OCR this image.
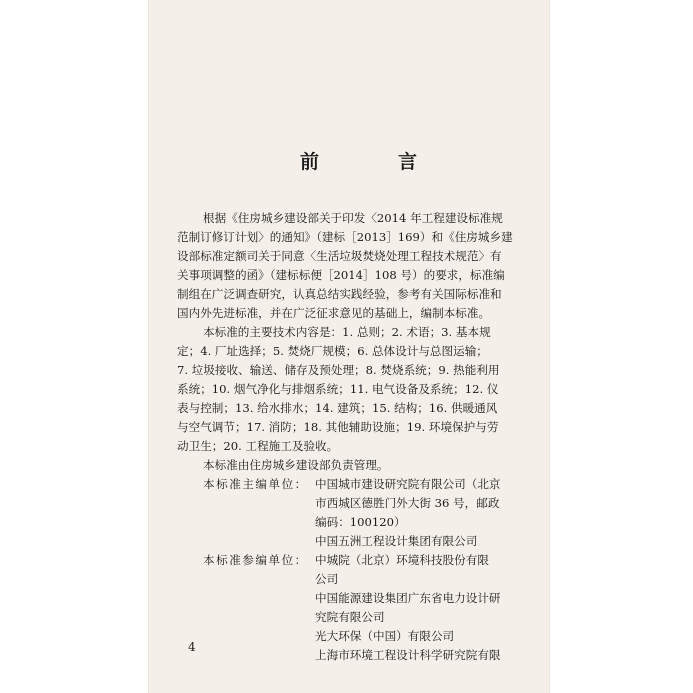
前　言

根据《住房城乡建设部关于印发〈2014 年工程建设标准规

范制订修订计划〉的通知》（建标［2013］169）和《住房城乡建

设部标准定额司关于同意〈生活垃圾焚烧处理工程技术规范〉有

关事项调整的函》（建标标便［2014］108 号）的要求，标准编

制组在广泛调查研究，认真总结实践经验，参考有关国际标准和

国内外先进标准，并在广泛征求意见的基础上，编制本标准。

本标准的主要技术内容是：1. 总则；2. 术语；3. 基本规

定；4. 厂址选择；5. 焚烧厂规模；6. 总体设计与总图运输；

7. 垃圾接收、输送、储存及预处理；8. 焚烧系统；9. 热能利用

系统；10. 烟气净化与排烟系统；11. 电气设备及系统；12. 仪

表与控制；13. 给水排水；14. 建筑；15. 结构；16. 供暖通风

与空气调节；17. 消防；18. 其他辅助设施；19. 环境保护与劳

动卫生；20. 工程施工及验收。

本标准由住房城乡建设部负责管理。

本标准主编单位： 中国城市建设研究院有限公司（北京

市西城区德胜门外大街 36 号，邮政

编码：100120）

中国五洲工程设计集团有限公司

本标准参编单位： 中城院（北京）环境科技股份有限

公司

中国能源建设集团广东省电力设计研

究院有限公司

光大环保（中国）有限公司

上海市环境工程设计科学研究院有限

4
